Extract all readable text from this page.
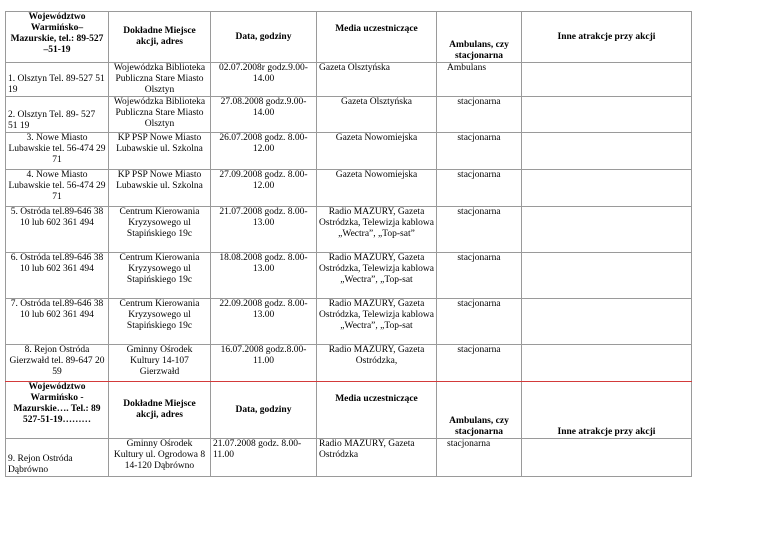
Województwo Warmińsko– Mazurskie, tel.: 89-527 –51-19	Dokładne Miejsce akcji, adres	Data, godziny	Media uczestniczące	Ambulans, czy stacjonarna	Inne atrakcje przy akcji
1. Olsztyn Tel. 89-527 51 19	Wojewódzka Biblioteka Publiczna Stare Miasto Olsztyn	02.07.2008r godz.9.00-14.00	Gazeta Olsztyńska	Ambulans	
2. Olsztyn Tel. 89- 527 51 19	Wojewódzka Biblioteka Publiczna Stare Miasto Olsztyn	27.08.2008 godz.9.00-14.00	Gazeta Olsztyńska	stacjonarna	
3. Nowe Miasto Lubawskie tel. 56-474 29 71	KP PSP Nowe Miasto Lubawskie ul. Szkolna	26.07.2008 godz. 8.00-12.00	Gazeta Nowomiejska	stacjonarna	
4. Nowe Miasto Lubawskie tel. 56-474 29 71	KP PSP Nowe Miasto Lubawskie ul. Szkolna	27.09.2008 godz. 8.00-12.00	Gazeta Nowomiejska	stacjonarna	
5. Ostróda tel.89-646 38 10 lub 602 361 494	Centrum Kierowania Kryzysowego ul Stapińskiego 19c	21.07.2008 godz. 8.00-13.00	Radio MAZURY, Gazeta Ostródzka, Telewizja kablowa „Wectra”, „Top-sat”	stacjonarna	
6. Ostróda tel.89-646 38 10 lub 602 361 494	Centrum Kierowania Kryzysowego ul Stapińskiego 19c	18.08.2008 godz. 8.00-13.00	Radio MAZURY, Gazeta Ostródzka, Telewizja kablowa „Wectra”, „Top-sat	stacjonarna	
7. Ostróda tel.89-646 38 10 lub 602 361 494	Centrum Kierowania Kryzysowego ul Stapińskiego 19c	22.09.2008 godz. 8.00-13.00	Radio MAZURY, Gazeta Ostródzka, Telewizja kablowa „Wectra”, „Top-sat	stacjonarna	
8. Rejon Ostróda Gierzwałd tel. 89-647 20 59	Gminny Ośrodek Kultury 14-107 Gierzwałd	16.07.2008 godz.8.00-11.00	Radio MAZURY, Gazeta Ostródzka,	stacjonarna	
Województwo Warmińsko - Mazurskie…. Tel.: 89 527-51-19………	Dokładne Miejsce akcji, adres	Data, godziny	Media uczestniczące	Ambulans, czy stacjonarna	Inne atrakcje przy akcji
9. Rejon Ostróda Dąbrówno	Gminny Ośrodek Kultury ul. Ogrodowa 8 14-120 Dąbrówno	21.07.2008 godz. 8.00-11.00	Radio MAZURY, Gazeta Ostródzka	stacjonarna	
